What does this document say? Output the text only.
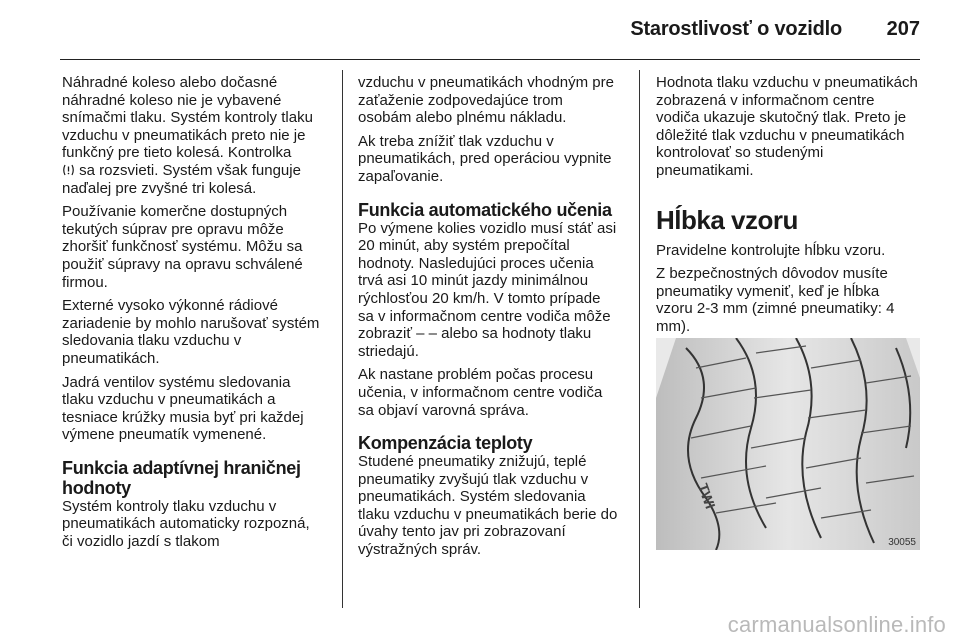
Starostlivosť o vozidlo 207

Náhradné koleso alebo dočasné náhradné koleso nie je vybavené snímačmi tlaku. Systém kontroly tlaku vzduchu v pneumatikách preto nie je funkčný pre tieto kolesá. Kontrolka
sa rozsvieti. Systém však funguje naďalej pre zvyšné tri kolesá.

Používanie komerčne dostupných tekutých súprav pre opravu môže zhoršiť funkčnosť systému. Môžu sa použiť súpravy na opravu schválené firmou.

Externé vysoko výkonné rádiové zariadenie by mohlo narušovať systém sledovania tlaku vzduchu v pneumatikách.

Jadrá ventilov systému sledovania tlaku vzduchu v pneumatikách a tesniace krúžky musia byť pri každej výmene pneumatík vymenené.

Funkcia adaptívnej hraničnej hodnoty

Systém kontroly tlaku vzduchu v pneumatikách automaticky rozpozná, či vozidlo jazdí s tlakom

vzduchu v pneumatikách vhodným pre zaťaženie zodpovedajúce trom osobám alebo plnému nákladu.

Ak treba znížiť tlak vzduchu v pneumatikách, pred operáciou vypnite zapaľovanie.

Funkcia automatického učenia

Po výmene kolies vozidlo musí stáť asi 20 minút, aby systém prepočítal hodnoty. Nasledujúci proces učenia trvá asi 10 minút jazdy minimálnou rýchlosťou 20 km/h. V tomto prípade sa v informačnom centre vodiča môže zobraziť – – alebo sa hodnoty tlaku striedajú.

Ak nastane problém počas procesu učenia, v informačnom centre vodiča sa objaví varovná správa.

Kompenzácia teploty

Studené pneumatiky znižujú, teplé pneumatiky zvyšujú tlak vzduchu v pneumatikách. Systém sledovania tlaku vzduchu v pneumatikách berie do úvahy tento jav pri zobrazovaní výstražných správ.

Hodnota tlaku vzduchu v pneumatikách zobrazená v informačnom centre vodiča ukazuje skutočný tlak. Preto je dôležité tlak vzduchu v pneumatikách kontrolovať so studenými pneumatikami.

Hĺbka vzoru

Pravidelne kontrolujte hĺbku vzoru.

Z bezpečnostných dôvodov musíte pneumatiky vymeniť, keď je hĺbka vzoru 2-3 mm (zimné pneumatiky: 4 mm).

TWI
30055
carmanualsonline.info
